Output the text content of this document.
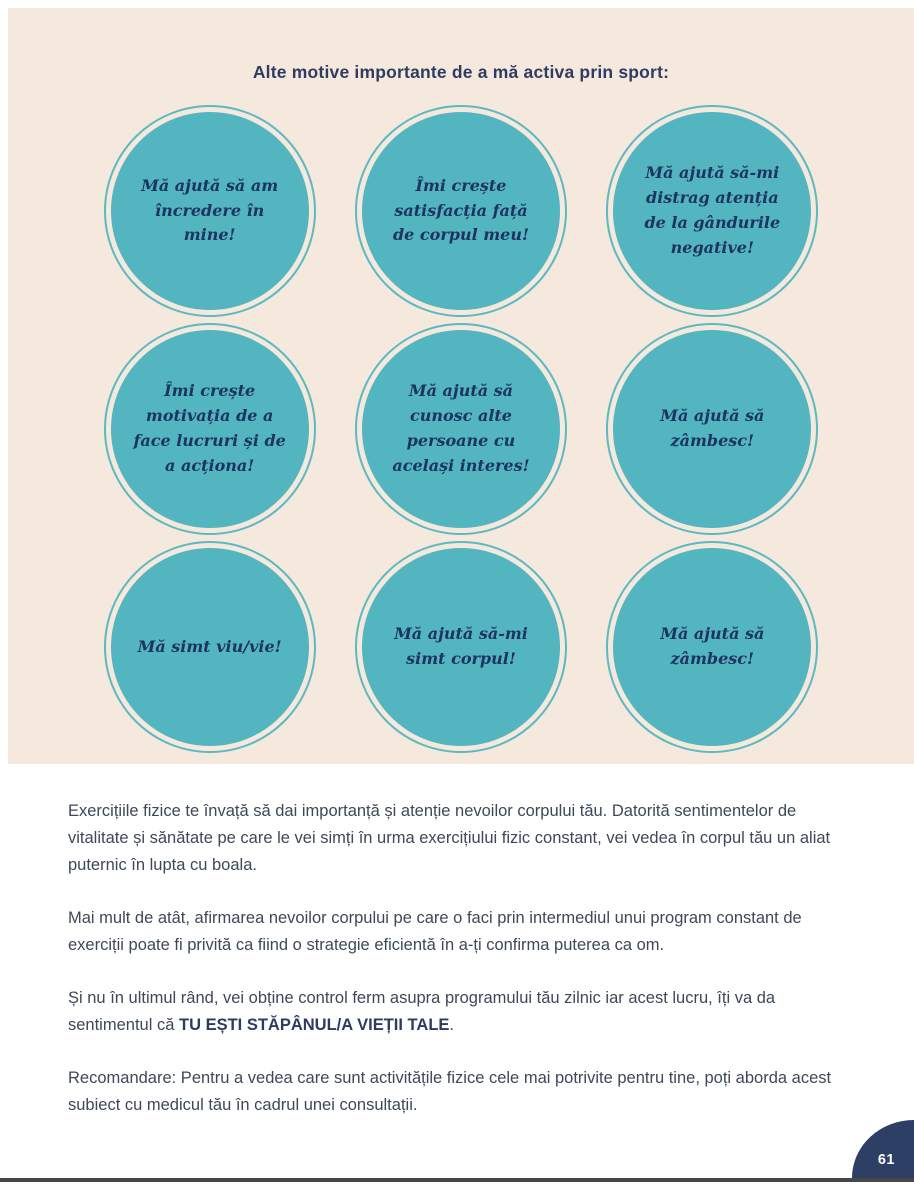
Alte motive importante de a mă activa prin sport:
Mă ajută să am încredere în mine!
Îmi crește satisfacția față de corpul meu!
Mă ajută să-mi distrag atenția de la gândurile negative!
Îmi crește motivația de a face lucruri și de a acționa!
Mă ajută să cunosc alte persoane cu același interes!
Mă ajută să zâmbesc!
Mă simt viu/vie!
Mă ajută să-mi simt corpul!
Mă ajută să zâmbesc!

Exercițiile fizice te învață să dai importanță și atenție nevoilor corpului tău. Datorită sentimentelor de vitalitate și sănătate pe care le vei simți în urma exercițiului fizic constant, vei vedea în corpul tău un aliat puternic în lupta cu boala.

Mai mult de atât, afirmarea nevoilor corpului pe care o faci prin intermediul unui program constant de exerciții poate fi privită ca fiind o strategie eficientă în a-ți confirma puterea ca om.

Și nu în ultimul rând, vei obține control ferm asupra programului tău zilnic iar acest lucru, îți va da sentimentul că TU EȘTI STĂPÂNUL/A VIEȚII TALE.

Recomandare: Pentru a vedea care sunt activitățile fizice cele mai potrivite pentru tine, poți aborda acest subiect cu medicul tău în cadrul unei consultații.

61
